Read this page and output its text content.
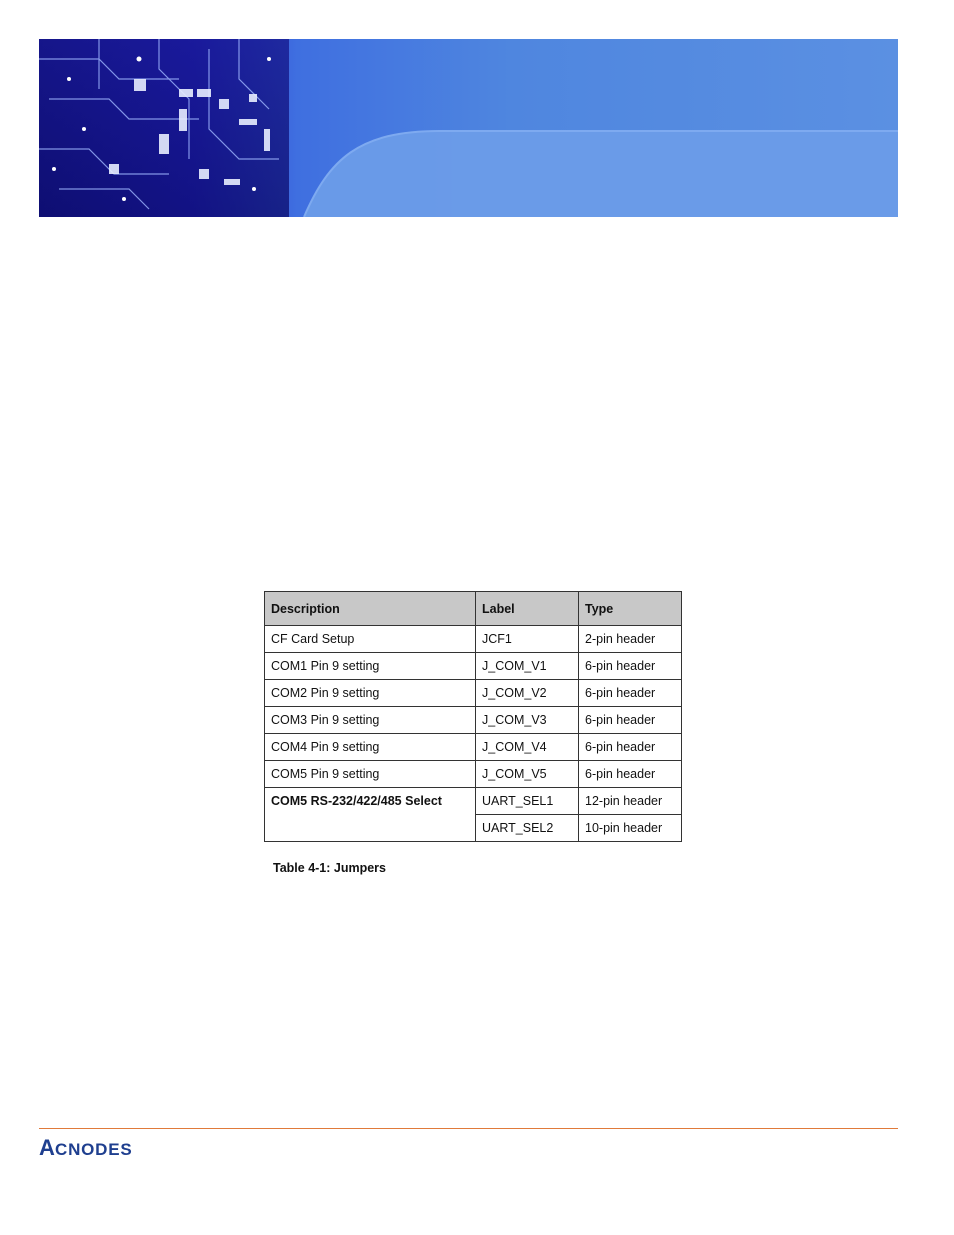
Description	Label	Type
CF Card Setup	JCF1	2-pin header
COM1 Pin 9 setting	J_COM_V1	6-pin header
COM2 Pin 9 setting	J_COM_V2	6-pin header
COM3 Pin 9 setting	J_COM_V3	6-pin header
COM4 Pin 9 setting	J_COM_V4	6-pin header
COM5 Pin 9 setting	J_COM_V5	6-pin header
COM5 RS-232/422/485 Select	UART_SEL1	12-pin header
	UART_SEL2	10-pin header
Table 4-1: Jumpers
A CNODES
